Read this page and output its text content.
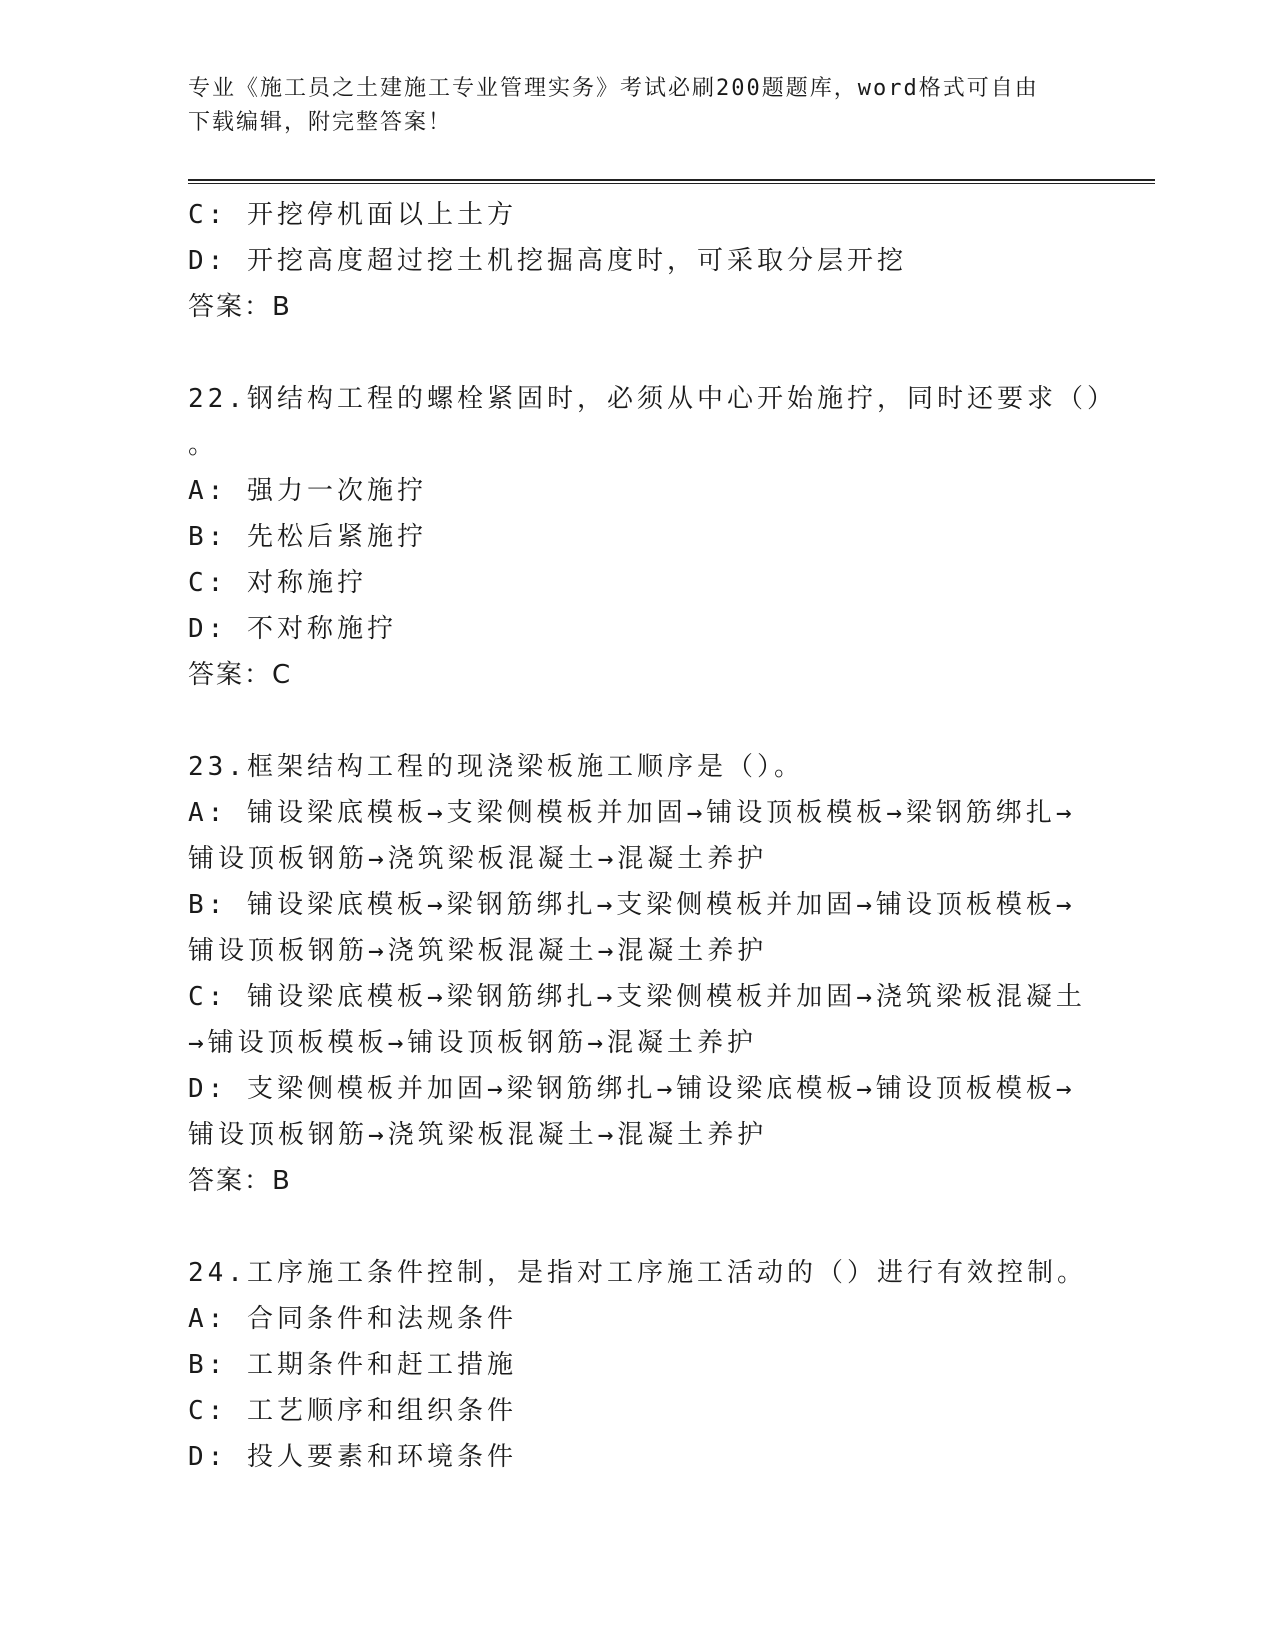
专业《施工员之土建施工专业管理实务》考试必刷200题题库，word格式可自由
下载编辑，附完整答案！
C: 开挖停机面以上土方
D: 开挖高度超过挖土机挖掘高度时，可采取分层开挖
答案：B
22.钢结构工程的螺栓紧固时，必须从中心开始施拧，同时还要求（）
。
A: 强力一次施拧
B: 先松后紧施拧
C: 对称施拧
D: 不对称施拧
答案：C
23.框架结构工程的现浇梁板施工顺序是（）。
A: 铺设梁底模板→支梁侧模板并加固→铺设顶板模板→梁钢筋绑扎→
铺设顶板钢筋→浇筑梁板混凝土→混凝土养护
B: 铺设梁底模板→梁钢筋绑扎→支梁侧模板并加固→铺设顶板模板→
铺设顶板钢筋→浇筑梁板混凝土→混凝土养护
C: 铺设梁底模板→梁钢筋绑扎→支梁侧模板并加固→浇筑梁板混凝土
→铺设顶板模板→铺设顶板钢筋→混凝土养护
D: 支梁侧模板并加固→梁钢筋绑扎→铺设梁底模板→铺设顶板模板→
铺设顶板钢筋→浇筑梁板混凝土→混凝土养护
答案：B
24.工序施工条件控制，是指对工序施工活动的（）进行有效控制。
A: 合同条件和法规条件
B: 工期条件和赶工措施
C: 工艺顺序和组织条件
D: 投人要素和环境条件
